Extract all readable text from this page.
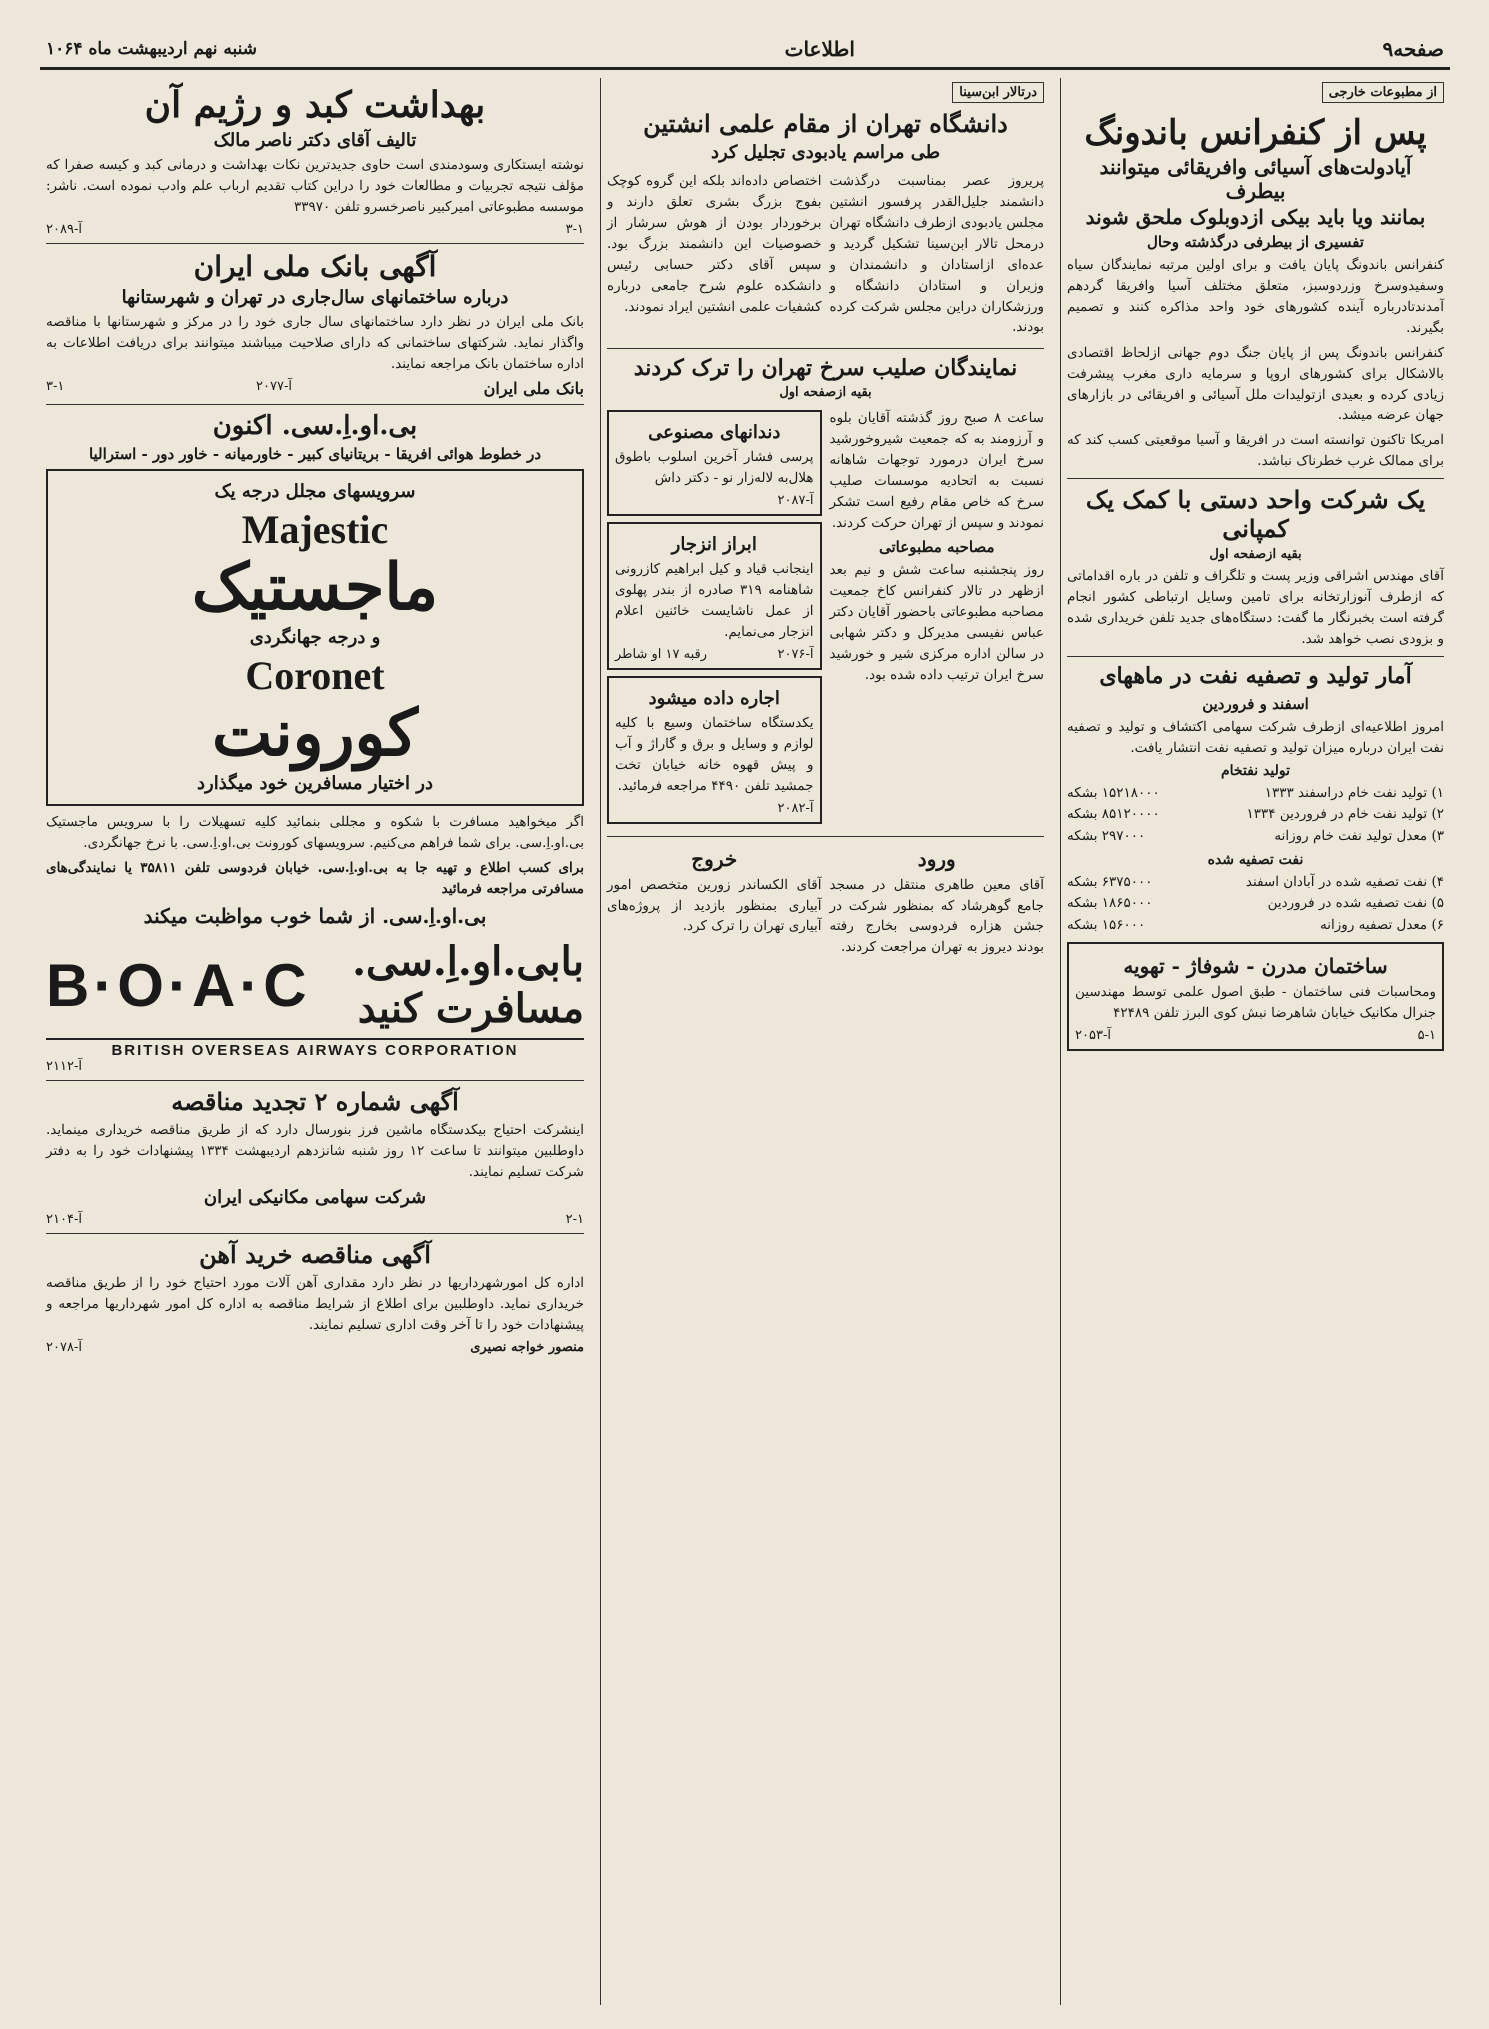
صفحه۹
اطلاعات
شنبه نهم اردیبهشت ماه ۱۰۶۴
از مطبوعات خارجی
پس از کنفرانس باندونگ
آیادولت‌های آسیائی وافریقائی میتوانند بیطرف
بمانند ویا باید بیکی ازدوبلوک ملحق شوند
تفسیری از بیطرفی درگذشته وحال

کنفرانس باندونگ پایان یافت و برای اولین مرتبه نمایندگان سیاه وسفیدوسرخ وزردوسبز، متعلق مختلف آسیا وافریقا گردهم آمدندتادرباره آینده کشورهای خود واحد مذاکره کنند و تصمیم بگیرند.

کنفرانس باندونگ پس از پایان جنگ دوم جهانی ازلحاظ اقتصادی بالاشکال برای کشورهای اروپا و سرمایه داری مغرب پیشرفت زیادی کرده و بعیدی ازتولیدات ملل آسیائی و افریقائی در بازارهای جهان عرضه میشد.

امریکا تاکنون توانسته است در افریقا و آسیا موقعیتی کسب کند که برای ممالک غرب خطرناک نباشد.

یک شرکت واحد دستی با کمک یک کمپانی
بقیه ازصفحه اول

آقای مهندس اشراقی وزیر پست و تلگراف و تلفن در باره اقداماتی که ازطرف آنوزارتخانه برای تامین وسایل ارتباطی کشور انجام گرفته است بخبرنگار ما گفت: دستگاه‌های جدید تلفن خریداری شده و بزودی نصب خواهد شد.

آمار تولید و تصفیه نفت در ماههای
اسفند و فروردین

امروز اطلاعیه‌ای ازطرف شرکت سهامی اکتشاف و تولید و تصفیه نفت ایران درباره میزان تولید و تصفیه نفت انتشار یافت.

تولید نفتخام
۱) تولید نفت خام دراسفند ۱۳۳۳
۱۵۲۱۸۰۰۰ بشکه
۲) تولید نفت خام در فروردین ۱۳۳۴
۸۵۱۲۰۰۰۰ بشکه
۳) معدل تولید نفت خام روزانه
۲۹۷۰۰۰ بشکه
نفت تصفیه شده
۴) نفت تصفیه شده در آبادان اسفند
۶۳۷۵۰۰۰ بشکه
۵) نفت تصفیه شده در فروردین
۱۸۶۵۰۰۰ بشکه
۶) معدل تصفیه روزانه
۱۵۶۰۰۰ بشکه
ساختمان مدرن - شوفاژ - تهویه

ومحاسبات فنی ساختمان - طبق اصول علمی توسط مهندسین جنرال مکانیک خیابان شاهرضا نبش کوی البرز تلفن ۴۲۴۸۹

۵-۱
آ-۲۰۵۳
درتالار ابن‌سینا
دانشگاه تهران از مقام علمی انشتین
طی مراسم یادبودی تجلیل کرد

پریروز عصر بمناسبت درگذشت دانشمند جلیل‌القدر پرفسور انشتین مجلس یادبودی ازطرف دانشگاه تهران درمحل تالار ابن‌سینا تشکیل گردید و عده‌ای ازاستادان و دانشمندان و وزیران و استادان دانشگاه و ورزشکاران دراین مجلس شرکت کرده بودند.

اختصاص داده‌اند بلکه این گروه کوچک بفوج بزرگ بشری تعلق دارند و برخوردار بودن از هوش سرشار از خصوصیات این دانشمند بزرگ بود. سپس آقای دکتر حسابی رئیس دانشکده علوم شرح جامعی درباره کشفیات علمی انشتین ایراد نمودند.

نمایندگان صلیب سرخ تهران را ترک کردند
بقیه ازصفحه اول

ساعت ۸ صبح روز گذشته آقایان بلوه و آرزومند به که جمعیت شیروخورشید سرخ ایران درمورد توجهات شاهانه نسبت به اتحادیه موسسات صلیب سرخ که خاص مقام رفیع است تشکر نمودند و سپس از تهران حرکت کردند.

مصاحبه مطبوعاتی

روز پنجشنبه ساعت شش و نیم بعد ازظهر در تالار کنفرانس کاخ جمعیت مصاحبه مطبوعاتی باحضور آقایان دکتر عباس نفیسی مدیرکل و دکتر شهابی در سالن اداره مرکزی شیر و خورشید سرخ ایران ترتیب داده شده بود.

دندانهای مصنوعی

پرسی فشار آخرین اسلوب باطوق هلال‌به لاله‌زار نو - دکتر داش

آ-۲۰۸۷
ابراز انزجار

اینجانب قیاد و کیل ابراهیم کازرونی شاهنامه ۳۱۹ صادره از بندر پهلوی از عمل ناشایست خائنین اعلام انزجار می‌نمایم.

آ-۲۰۷۶
رقبه ۱۷ او شاطر
اجاره داده میشود

یکدستگاه ساختمان وسیع با کلیه لوازم و وسایل و برق و گاراژ و آب و پیش قهوه خانه خیابان تخت جمشید تلفن ۴۴۹۰ مراجعه فرمائید.

آ-۲۰۸۲
ورود

آقای معین طاهری منتقل در مسجد جامع گوهرشاد که بمنظور شرکت در جشن هزاره فردوسی بخارج رفته بودند دیروز به تهران مراجعت کردند.

خروج

آقای الکساندر زورین متخصص امور آبیاری بمنظور بازدید از پروژه‌های آبیاری تهران را ترک کرد.

بهداشت کبد و رژیم آن
تالیف آقای دکتر ناصر مالک

نوشته ایستکاری وسودمندی است حاوی جدیدترین نکات بهداشت و درمانی کبد و کیسه صفرا که مؤلف نتیجه تجربیات و مطالعات خود را دراین کتاب تقدیم ارباب علم وادب نموده است. ناشر: موسسه مطبوعاتی امیرکبیر ناصرخسرو تلفن ۳۳۹۷۰

۳-۱
آ-۲۰۸۹
آگهی بانک ملی ایران
درباره ساختمانهای سال‌جاری در تهران و شهرستانها

بانک ملی ایران در نظر دارد ساختمانهای سال جاری خود را در مرکز و شهرستانها با مناقصه واگذار نماید. شرکتهای ساختمانی که دارای صلاحیت میباشند میتوانند برای دریافت اطلاعات به اداره ساختمان بانک مراجعه نمایند.

بانک ملی ایران
آ-۲۰۷۷
۳-۱
بی.او.اِ.سی. اکنون
در خطوط هوائی افریقا - بریتانیای کبیر - خاورمیانه - خاور دور - استرالیا
سرویسهای مجلل درجه یک
Majestic
ماجستیک
و درجه جهانگردی
Coronet
کورونت
در اختیار مسافرین خود میگذارد

اگر میخواهید مسافرت با شکوه و مجللی بنمائید کلیه تسهیلات را با سرویس ماجستیک بی.او.اِ.سی. برای شما فراهم می‌کنیم. سرویسهای کورونت بی.او.اِ.سی. با نرخ جهانگردی.

برای کسب اطلاع و تهیه جا به بی.او.اِ.سی. خیابان فردوسی تلفن ۳۵۸۱۱ یا نمایندگی‌های مسافرتی مراجعه فرمائید

بی.او.اِ.سی. از شما خوب مواظبت میکند
بابی.او.اِ.سی. مسافرت کنید
B·O·A·C
BRITISH OVERSEAS AIRWAYS CORPORATION
آ-۲۱۱۲
آگهی شماره ۲ تجدید مناقصه

اینشرکت احتیاج بیکدستگاه ماشین فرز بنورسال دارد که از طریق مناقصه خریداری مینماید. داوطلبین میتوانند تا ساعت ۱۲ روز شنبه شانزدهم اردیبهشت ۱۳۳۴ پیشنهادات خود را به دفتر شرکت تسلیم نمایند.

شرکت سهامی مکانیکی ایران
۲-۱
آ-۲۱۰۴
آگهی مناقصه خرید آهن

اداره کل امورشهرداریها در نظر دارد مقداری آهن آلات مورد احتیاج خود را از طریق مناقصه خریداری نماید. داوطلبین برای اطلاع از شرایط مناقصه به اداره کل امور شهرداریها مراجعه و پیشنهادات خود را تا آخر وقت اداری تسلیم نمایند.

منصور خواجه نصیری
آ-۲۰۷۸
